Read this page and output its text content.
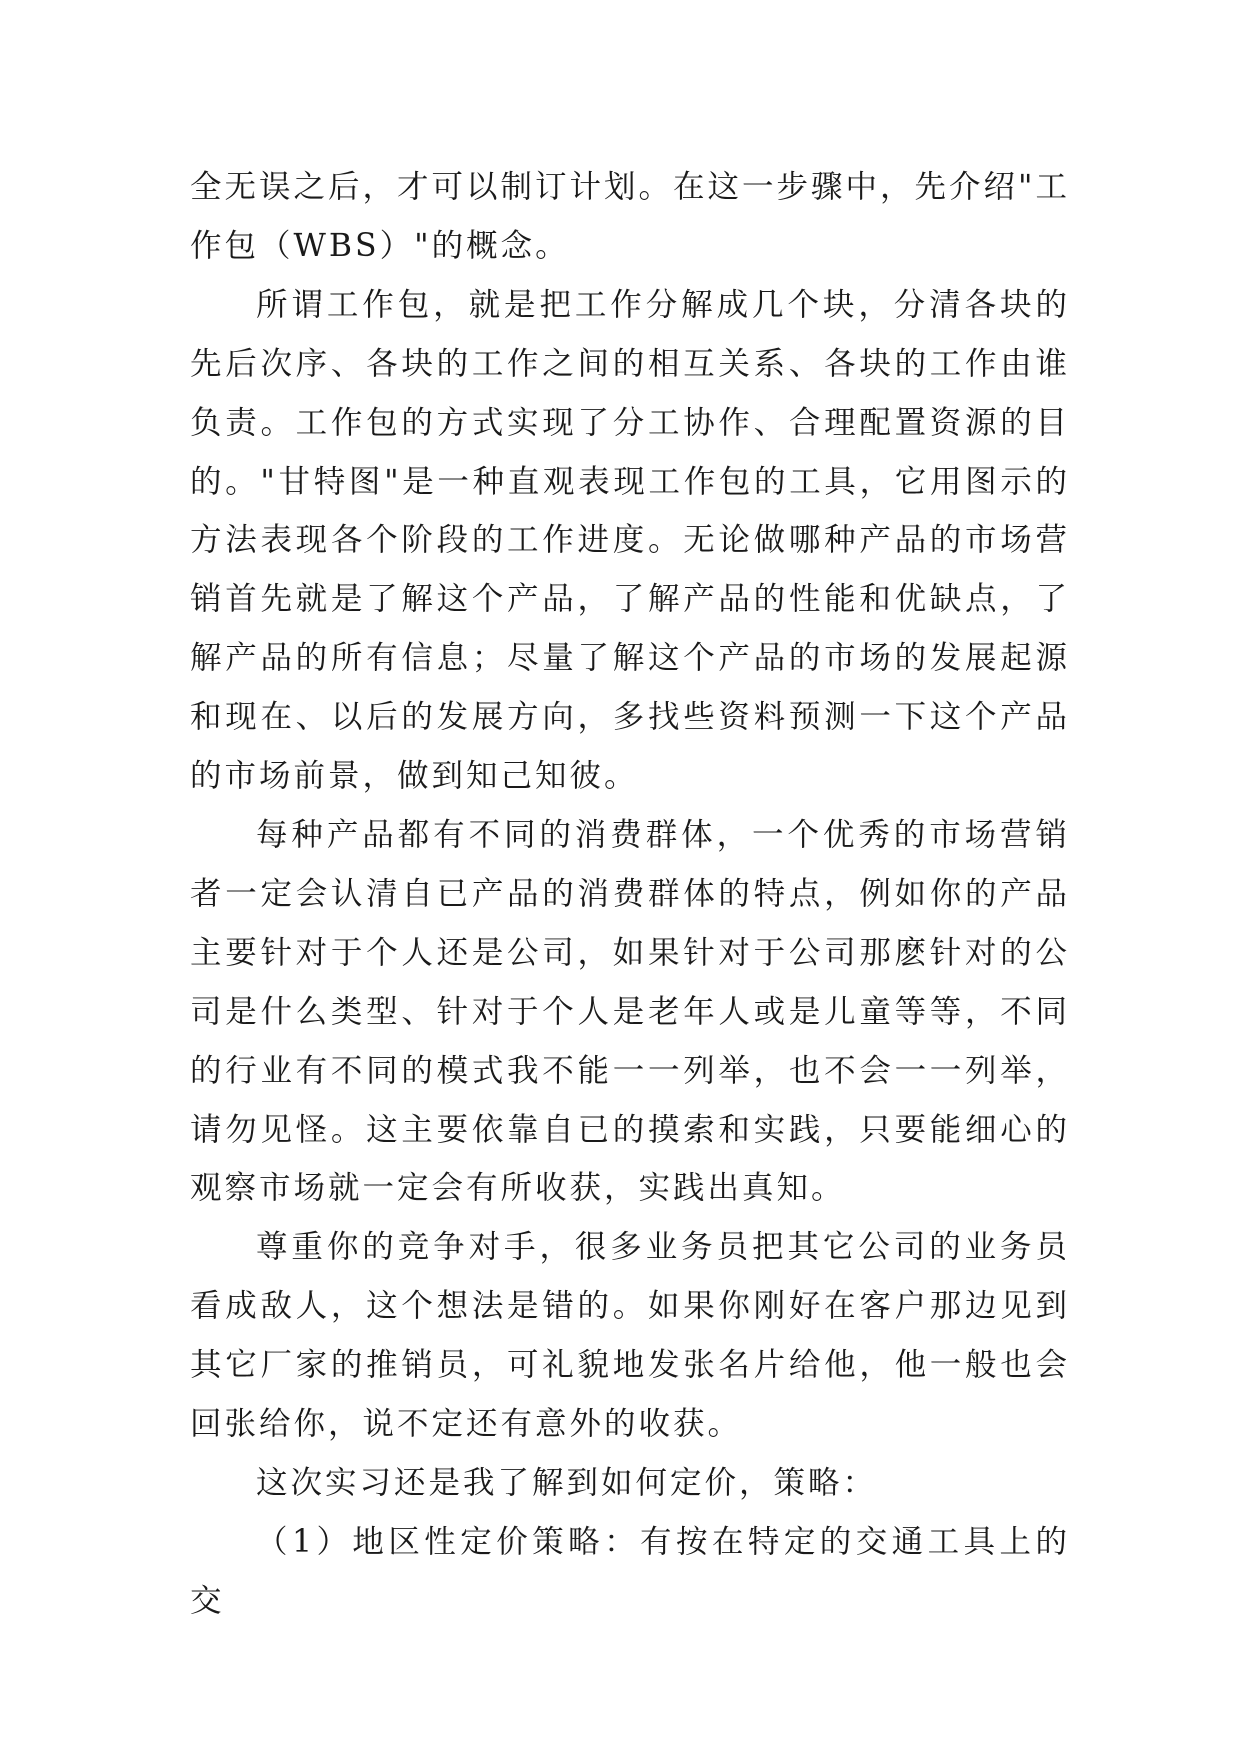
全无误之后，才可以制订计划。在这一步骤中，先介绍"工作包（WBS）"的概念。

所谓工作包，就是把工作分解成几个块，分清各块的先后次序、各块的工作之间的相互关系、各块的工作由谁负责。工作包的方式实现了分工协作、合理配置资源的目的。"甘特图"是一种直观表现工作包的工具，它用图示的方法表现各个阶段的工作进度。无论做哪种产品的市场营销首先就是了解这个产品，了解产品的性能和优缺点，了解产品的所有信息；尽量了解这个产品的市场的发展起源和现在、以后的发展方向，多找些资料预测一下这个产品的市场前景，做到知己知彼。

每种产品都有不同的消费群体，一个优秀的市场营销者一定会认清自已产品的消费群体的特点，例如你的产品主要针对于个人还是公司，如果针对于公司那麽针对的公司是什么类型、针对于个人是老年人或是儿童等等，不同的行业有不同的模式我不能一一列举，也不会一一列举，请勿见怪。这主要依靠自已的摸索和实践，只要能细心的观察市场就一定会有所收获，实践出真知。

尊重你的竞争对手，很多业务员把其它公司的业务员看成敌人，这个想法是错的。如果你刚好在客户那边见到其它厂家的推销员，可礼貌地发张名片给他，他一般也会回张给你，说不定还有意外的收获。

这次实习还是我了解到如何定价，策略：

（1）地区性定价策略：有按在特定的交通工具上的交
